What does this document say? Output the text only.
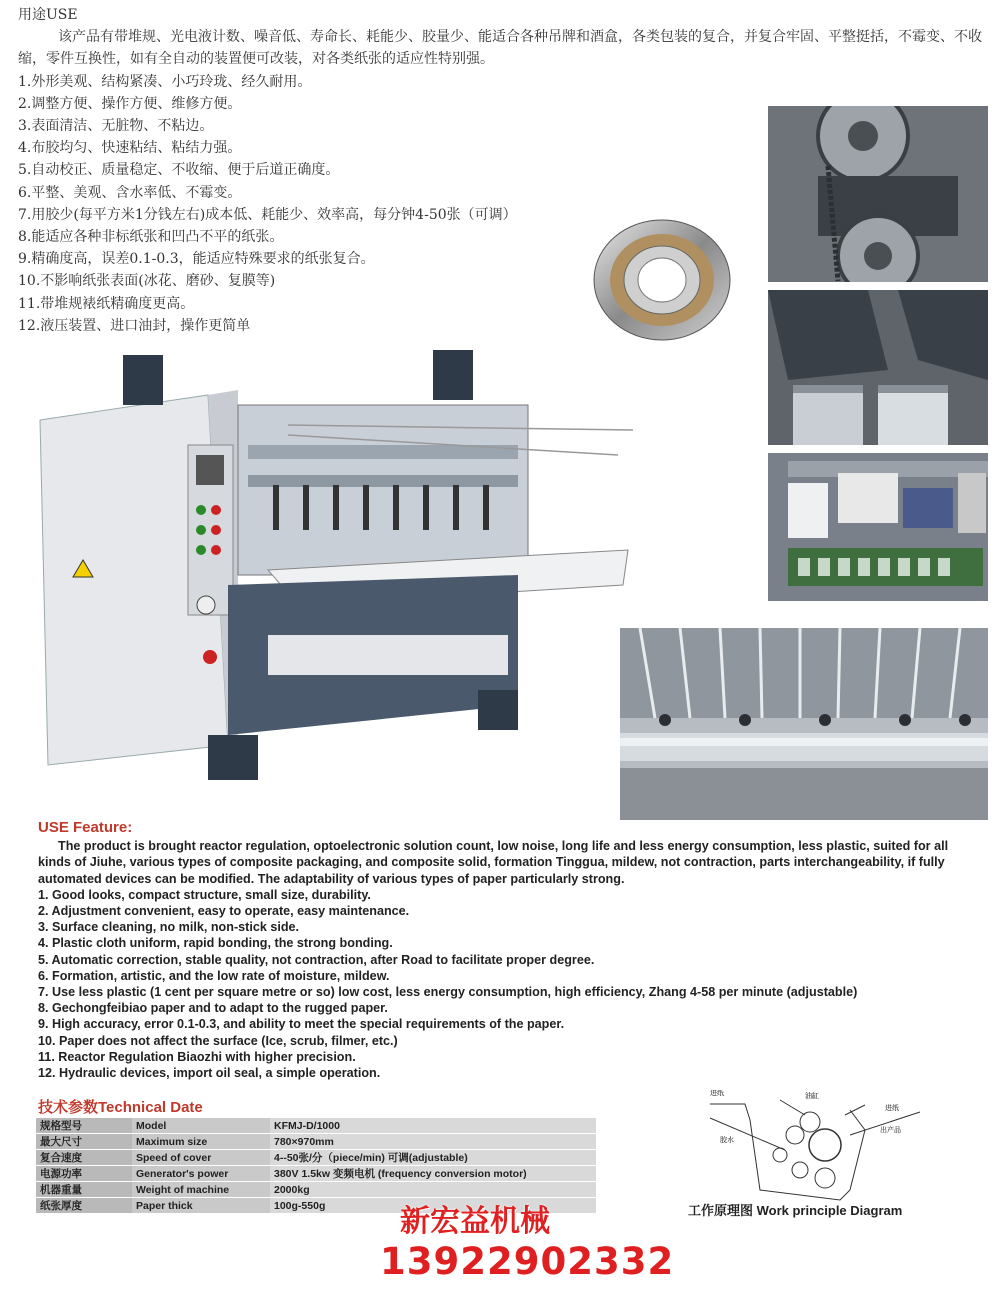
用途USE

该产品有带堆规、光电液计数、噪音低、寿命长、耗能少、胶量少、能适合各种吊牌和酒盒，各类包装的复合，并复合牢固、平整挺括，不霉变、不收缩，零件互换性，如有全自动的装置便可改装，对各类纸张的适应性特别强。

1.外形美观、结构紧凑、小巧玲珑、经久耐用。
2.调整方便、操作方便、维修方便。
3.表面清洁、无脏物、不粘边。
4.布胶均匀、快速粘结、粘结力强。
5.自动校正、质量稳定、不收缩、便于后道正确度。
6.平整、美观、含水率低、不霉变。
7.用胶少(每平方米1分钱左右)成本低、耗能少、效率高，每分钟4-50张（可调）
8.能适应各种非标纸张和凹凸不平的纸张。
9.精确度高，误差0.1-0.3，能适应特殊要求的纸张复合。
10.不影响纸张表面(冰花、磨砂、复膜等)
11.带堆规裱纸精确度更高。
12.液压装置、进口油封，操作更简单

USE Feature:

The product is brought reactor regulation, optoelectronic solution count, low noise, long life and less energy consumption, less plastic, suited for all kinds of Jiuhe, various types of composite packaging, and composite solid, formation Tinggua, mildew, not contraction, parts interchangeability, if fully automated devices can be modified. The adaptability of various types of paper particularly strong.

1. Good looks, compact structure, small size, durability.
2. Adjustment convenient, easy to operate, easy maintenance.
3. Surface cleaning, no milk, non-stick side.
4. Plastic cloth uniform, rapid bonding, the strong bonding.
5. Automatic correction, stable quality, not contraction, after Road to facilitate proper degree.
6. Formation, artistic, and the low rate of moisture, mildew.
7. Use less plastic (1 cent per square metre or so) low cost, less energy consumption, high efficiency, Zhang 4-58 per minute (adjustable)
8. Gechongfeibiao paper and to adapt to the rugged paper.
9. High accuracy, error 0.1-0.3, and ability to meet the special requirements of the paper.
10. Paper does not affect the surface (Ice, scrub, filmer, etc.)
11. Reactor Regulation Biaozhi with higher precision.
12. Hydraulic devices, import oil seal, a simple operation.
技术参数Technical Date
规格型号	Model	KFMJ-D/1000
最大尺寸	Maximum size	780×970mm
复合速度	Speed of cover	4--50张/分（piece/min) 可调(adjustable)
电源功率	Generator's power	380V 1.5kw 变频电机 (frequency conversion motor)
机器重量	Weight of machine	2000kg
纸张厚度	Paper thick	100g-550g
油缸
出产品
进纸
进纸
胶水
工作原理图 Work principle Diagram
新宏益机械
13922902332
